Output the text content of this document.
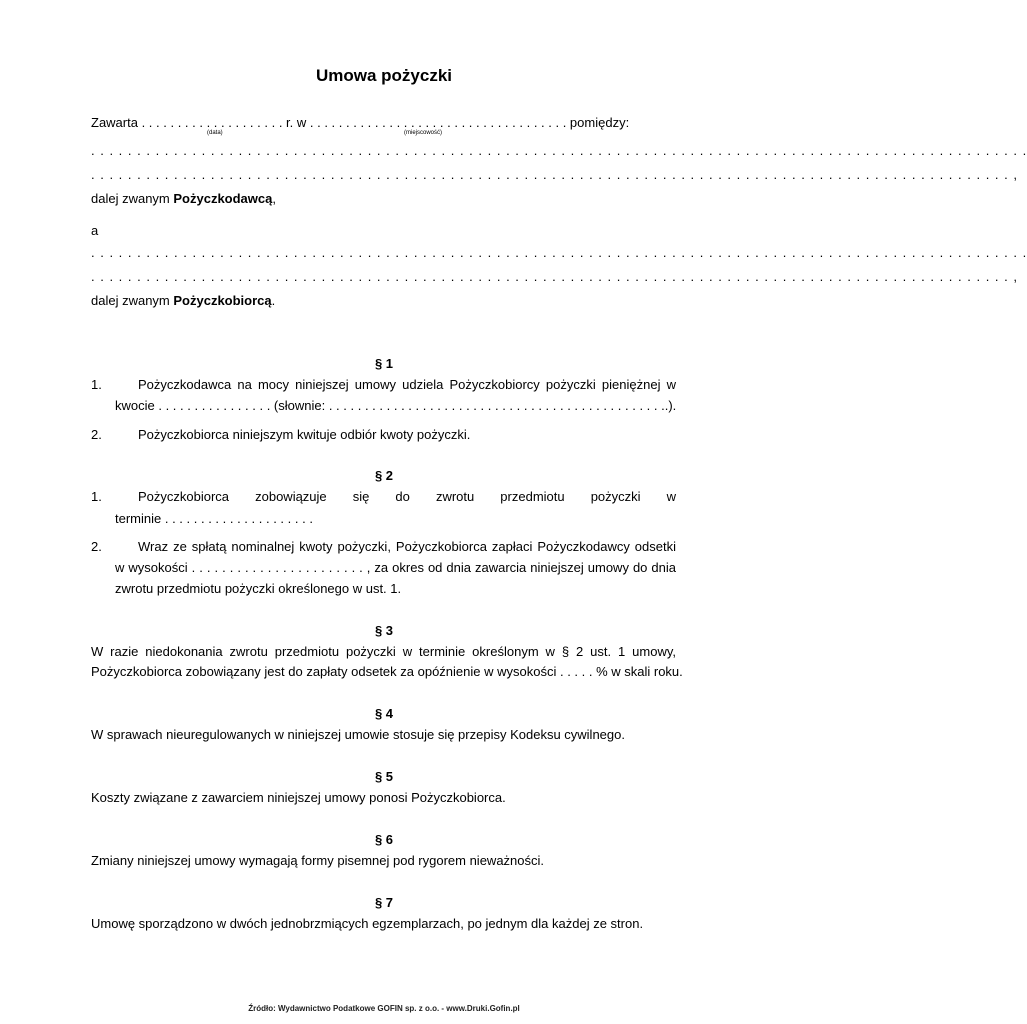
Umowa pożyczki
Zawarta . . . . . . . . . . . . . . . . . . . . r. w . . . . . . . . . . . . . . . . . . . . . . . . . . . . . . . . . . . . pomiędzy:
(data)	(miejscowość)
. . . . . . . . . . . . . . . . . . . . . . . . . . . . . . . . . . . . . . . . . . . . . . . . . . . . . . . . . . . . . . . . . . . . . . . . . . . . . . . . . . . . . . . . . . . . . . . . . . . . . .
. . . . . . . . . . . . . . . . . . . . . . . . . . . . . . . . . . . . . . . . . . . . . . . . . . . . . . . . . . . . . . . . . . . . . . . . . . . . . . . . . . . . . . . . . . . . . . . . . . . . ,
dalej zwanym Pożyczkodawcą,
a
. . . . . . . . . . . . . . . . . . . . . . . . . . . . . . . . . . . . . . . . . . . . . . . . . . . . . . . . . . . . . . . . . . . . . . . . . . . . . . . . . . . . . . . . . . . . . . . . . . . . . .
. . . . . . . . . . . . . . . . . . . . . . . . . . . . . . . . . . . . . . . . . . . . . . . . . . . . . . . . . . . . . . . . . . . . . . . . . . . . . . . . . . . . . . . . . . . . . . . . . . . . ,
dalej zwanym Pożyczkobiorcą.
§ 1
1.	Pożyczkodawca na mocy niniejszej umowy udziela Pożyczkobiorcy pożyczki pieniężnej w
kwocie . . . . . . . . . . . . . . . . (słownie: . . . . . . . . . . . . . . . . . . . . . . . . . . . . . . . . . . . . . . . . . . . . . . ..).
2.	Pożyczkobiorca niniejszym kwituje odbiór kwoty pożyczki.
§ 2
1.	Pożyczkobiorca zobowiązuje się do zwrotu przedmiotu pożyczki w
terminie . . . . . . . . . . . . . . . . . . . . .
2.	Wraz ze spłatą nominalnej kwoty pożyczki, Pożyczkobiorca zapłaci Pożyczkodawcy odsetki
w wysokości . . . . . . . . . . . . . . . . . . . . . . . , za okres od dnia zawarcia niniejszej umowy do dnia
zwrotu przedmiotu pożyczki określonego w ust. 1.
§ 3
W razie niedokonania zwrotu przedmiotu pożyczki w terminie określonym w § 2 ust. 1 umowy,
Pożyczkobiorca zobowiązany jest do zapłaty odsetek za opóźnienie w wysokości . . . . . % w skali roku.
§ 4
W sprawach nieuregulowanych w niniejszej umowie stosuje się przepisy Kodeksu cywilnego.
§ 5
Koszty związane z zawarciem niniejszej umowy ponosi Pożyczkobiorca.
§ 6
Zmiany niniejszej umowy wymagają formy pisemnej pod rygorem nieważności.
§ 7
Umowę sporządzono w dwóch jednobrzmiących egzemplarzach, po jednym dla każdej ze stron.
Źródło: Wydawnictwo Podatkowe GOFIN sp. z o.o. - www.Druki.Gofin.pl
